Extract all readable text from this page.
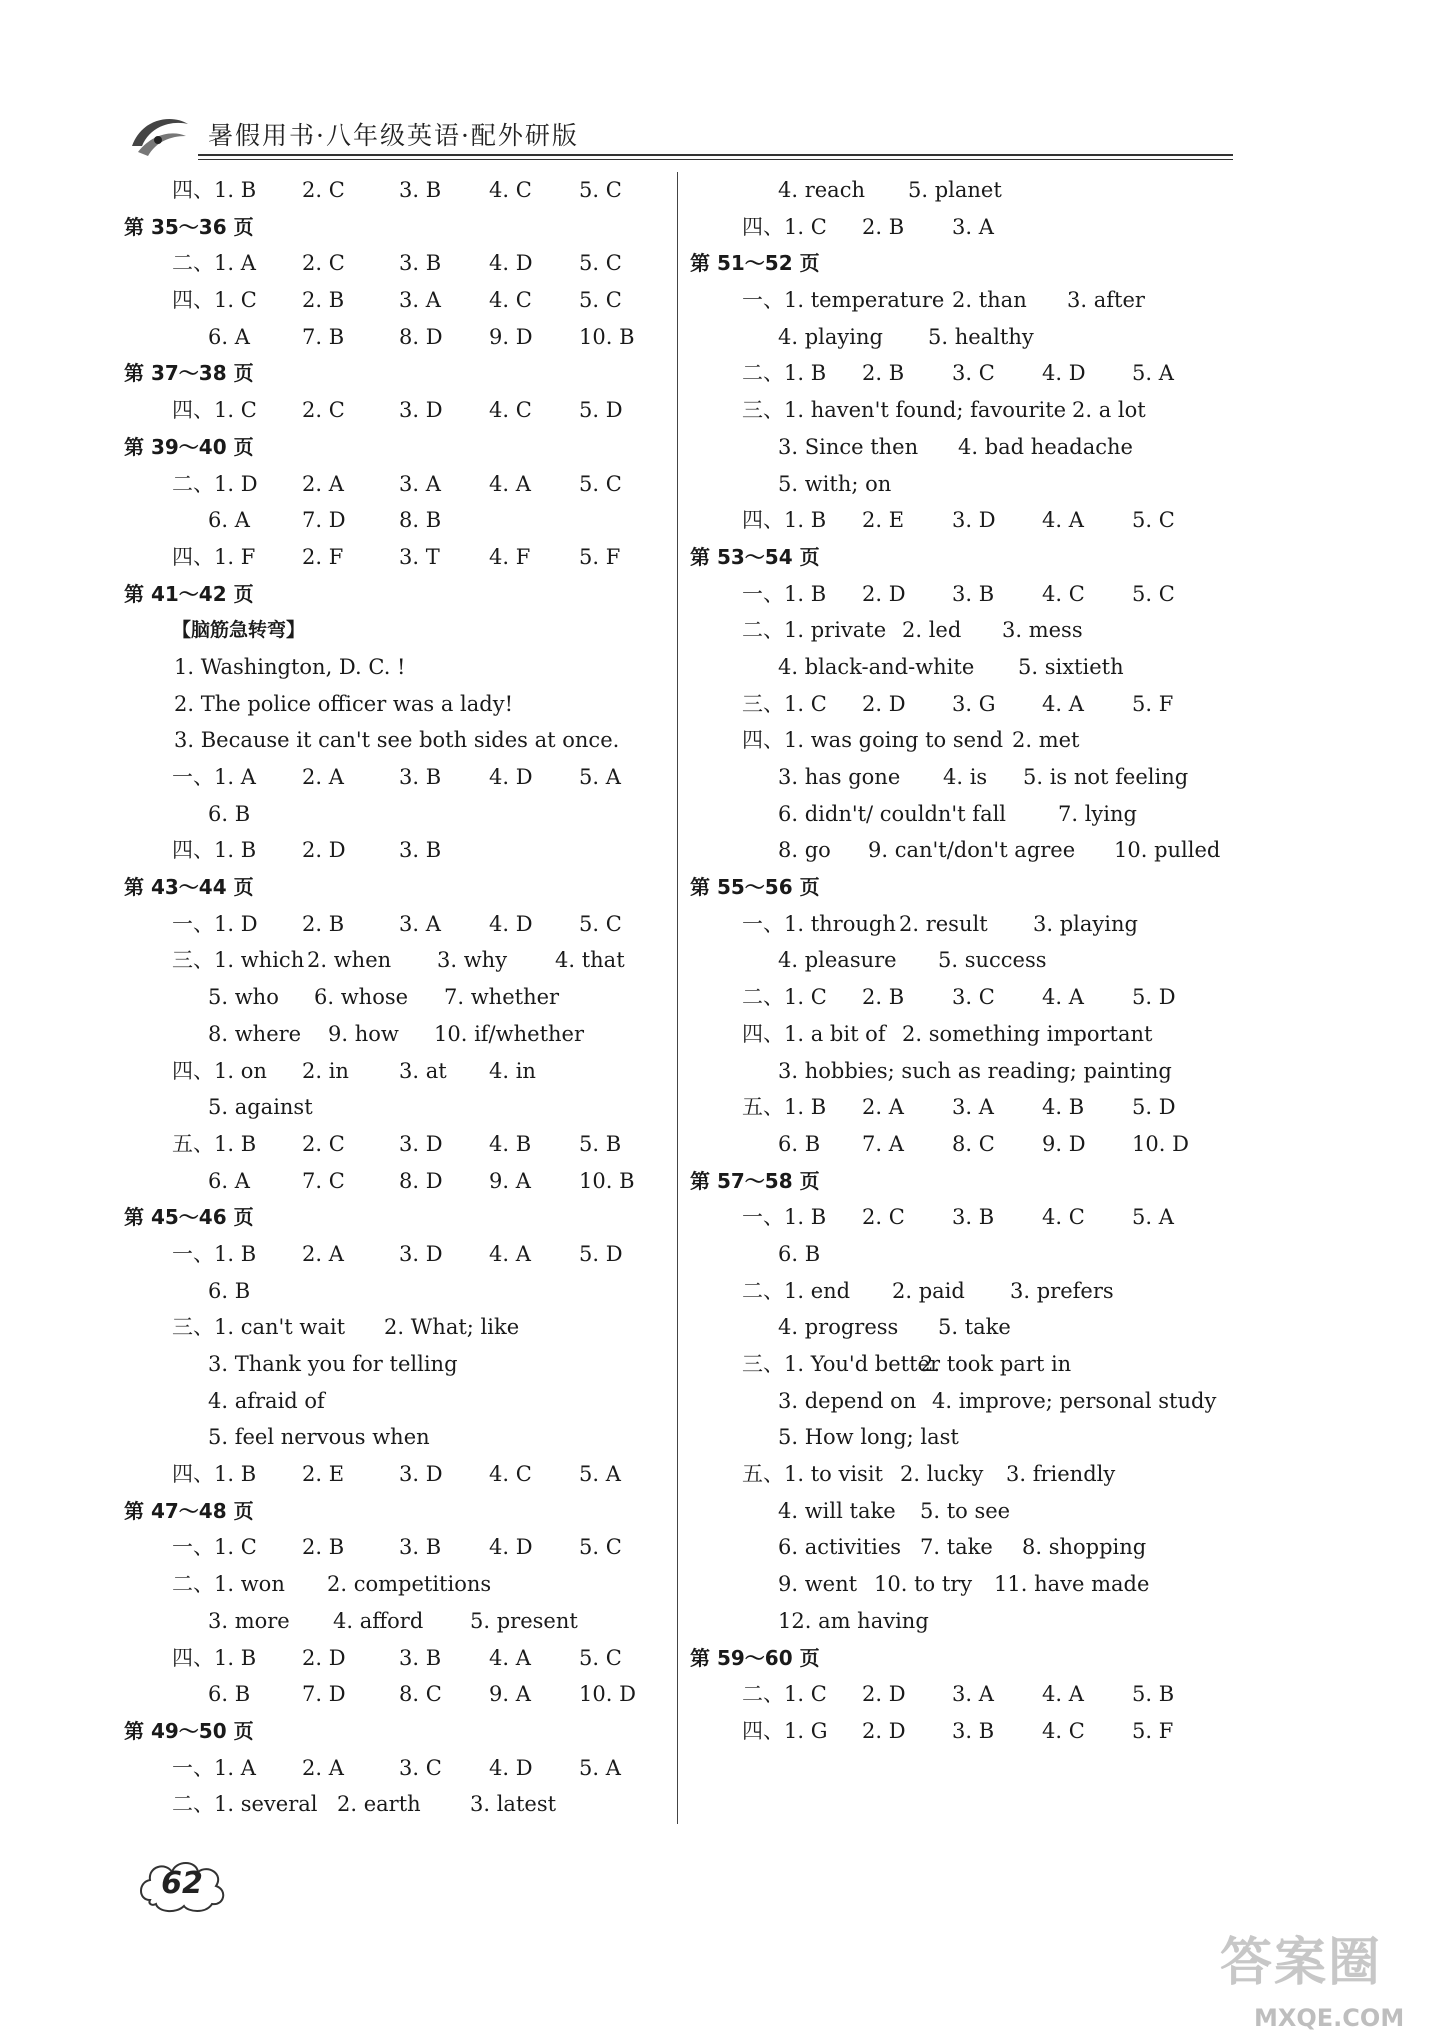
暑假用书·八年级英语·配外研版
四、1. B 2. C	3. B 4. C 5. C
第 35～36 页
二、1. A 2. C	3. B 4. D 5. C
四、1. C 2. B	3. A 4. C 5. C
6. A 7. B	8. D 9. D 10. B
第 37～38 页
四、1. C 2. C	3. D 4. C 5. D
第 39～40 页
二、1. D 2. A	3. A 4. A 5. C
6. A 7. D	8. B
四、1. F 2. F	3. T 4. F 5. F
第 41～42 页
【脑筋急转弯】
1. Washington, D. C. !
2. The police officer was a lady!
3. Because it can't see both sides at once.
一、1. A 2. A	3. B 4. D 5. A
6. B
四、1. B 2. D	3. B
第 43～44 页
一、1. D 2. B	3. A 4. D 5. C
三、1. which 2. when 3. why 4. that
5. who 6. whose 7. whether
8. where 9. how 10. if/whether
四、1. on 2. in 3. at 4. in
5. against
五、1. B 2. C	3. D 4. B 5. B
6. A 7. C	8. D 9. A 10. B
第 45～46 页
一、1. B 2. A	3. D 4. A 5. D
6. B
三、1. can't wait 2. What; like
3. Thank you for telling
4. afraid of
5. feel nervous when
四、1. B 2. E	3. D 4. C 5. A
第 47～48 页
一、1. C 2. B	3. B 4. D 5. C
二、1. won 2. competitions
3. more 4. afford 5. present
四、1. B 2. D	3. B 4. A 5. C
6. B 7. D	8. C 9. A 10. D
第 49～50 页
一、1. A 2. A	3. C 4. D 5. A
二、1. several 2. earth 3. latest
4. reach 5. planet
四、1. C 2. B 3. A
第 51～52 页
一、1. temperature 2. than 3. after
4. playing 5. healthy
二、1. B 2. B 3. C 4. D 5. A
三、1. haven't found; favourite 2. a lot
3. Since then 4. bad headache
5. with; on
四、1. B 2. E 3. D 4. A 5. C
第 53～54 页
一、1. B 2. D 3. B 4. C 5. C
二、1. private 2. led 3. mess
4. black-and-white 5. sixtieth
三、1. C 2. D 3. G 4. A 5. F
四、1. was going to send 2. met
3. has gone 4. is 5. is not feeling
6. didn't/ couldn't fall 7. lying
8. go 9. can't/don't agree 10. pulled
第 55～56 页
一、1. through 2. result 3. playing
4. pleasure 5. success
二、1. C 2. B 3. C 4. A 5. D
四、1. a bit of 2. something important
3. hobbies; such as reading; painting
五、1. B 2. A 3. A 4. B 5. D
6. B 7. A 8. C 9. D 10. D
第 57～58 页
一、1. B 2. C 3. B 4. C 5. A
6. B
二、1. end 2. paid 3. prefers
4. progress 5. take
三、1. You'd better2. took part in
3. depend on 4. improve; personal study
5. How long; last
五、1. to visit 2. lucky 3. friendly
4. will take 5. to see
6. activities 7. take 8. shopping
9. went 10. to try 11. have made
12. am having
第 59～60 页
二、1. C 2. D 3. A 4. A 5. B
四、1. G 2. D 3. B 4. C 5. F
62
答案圈
MXQE.COM
